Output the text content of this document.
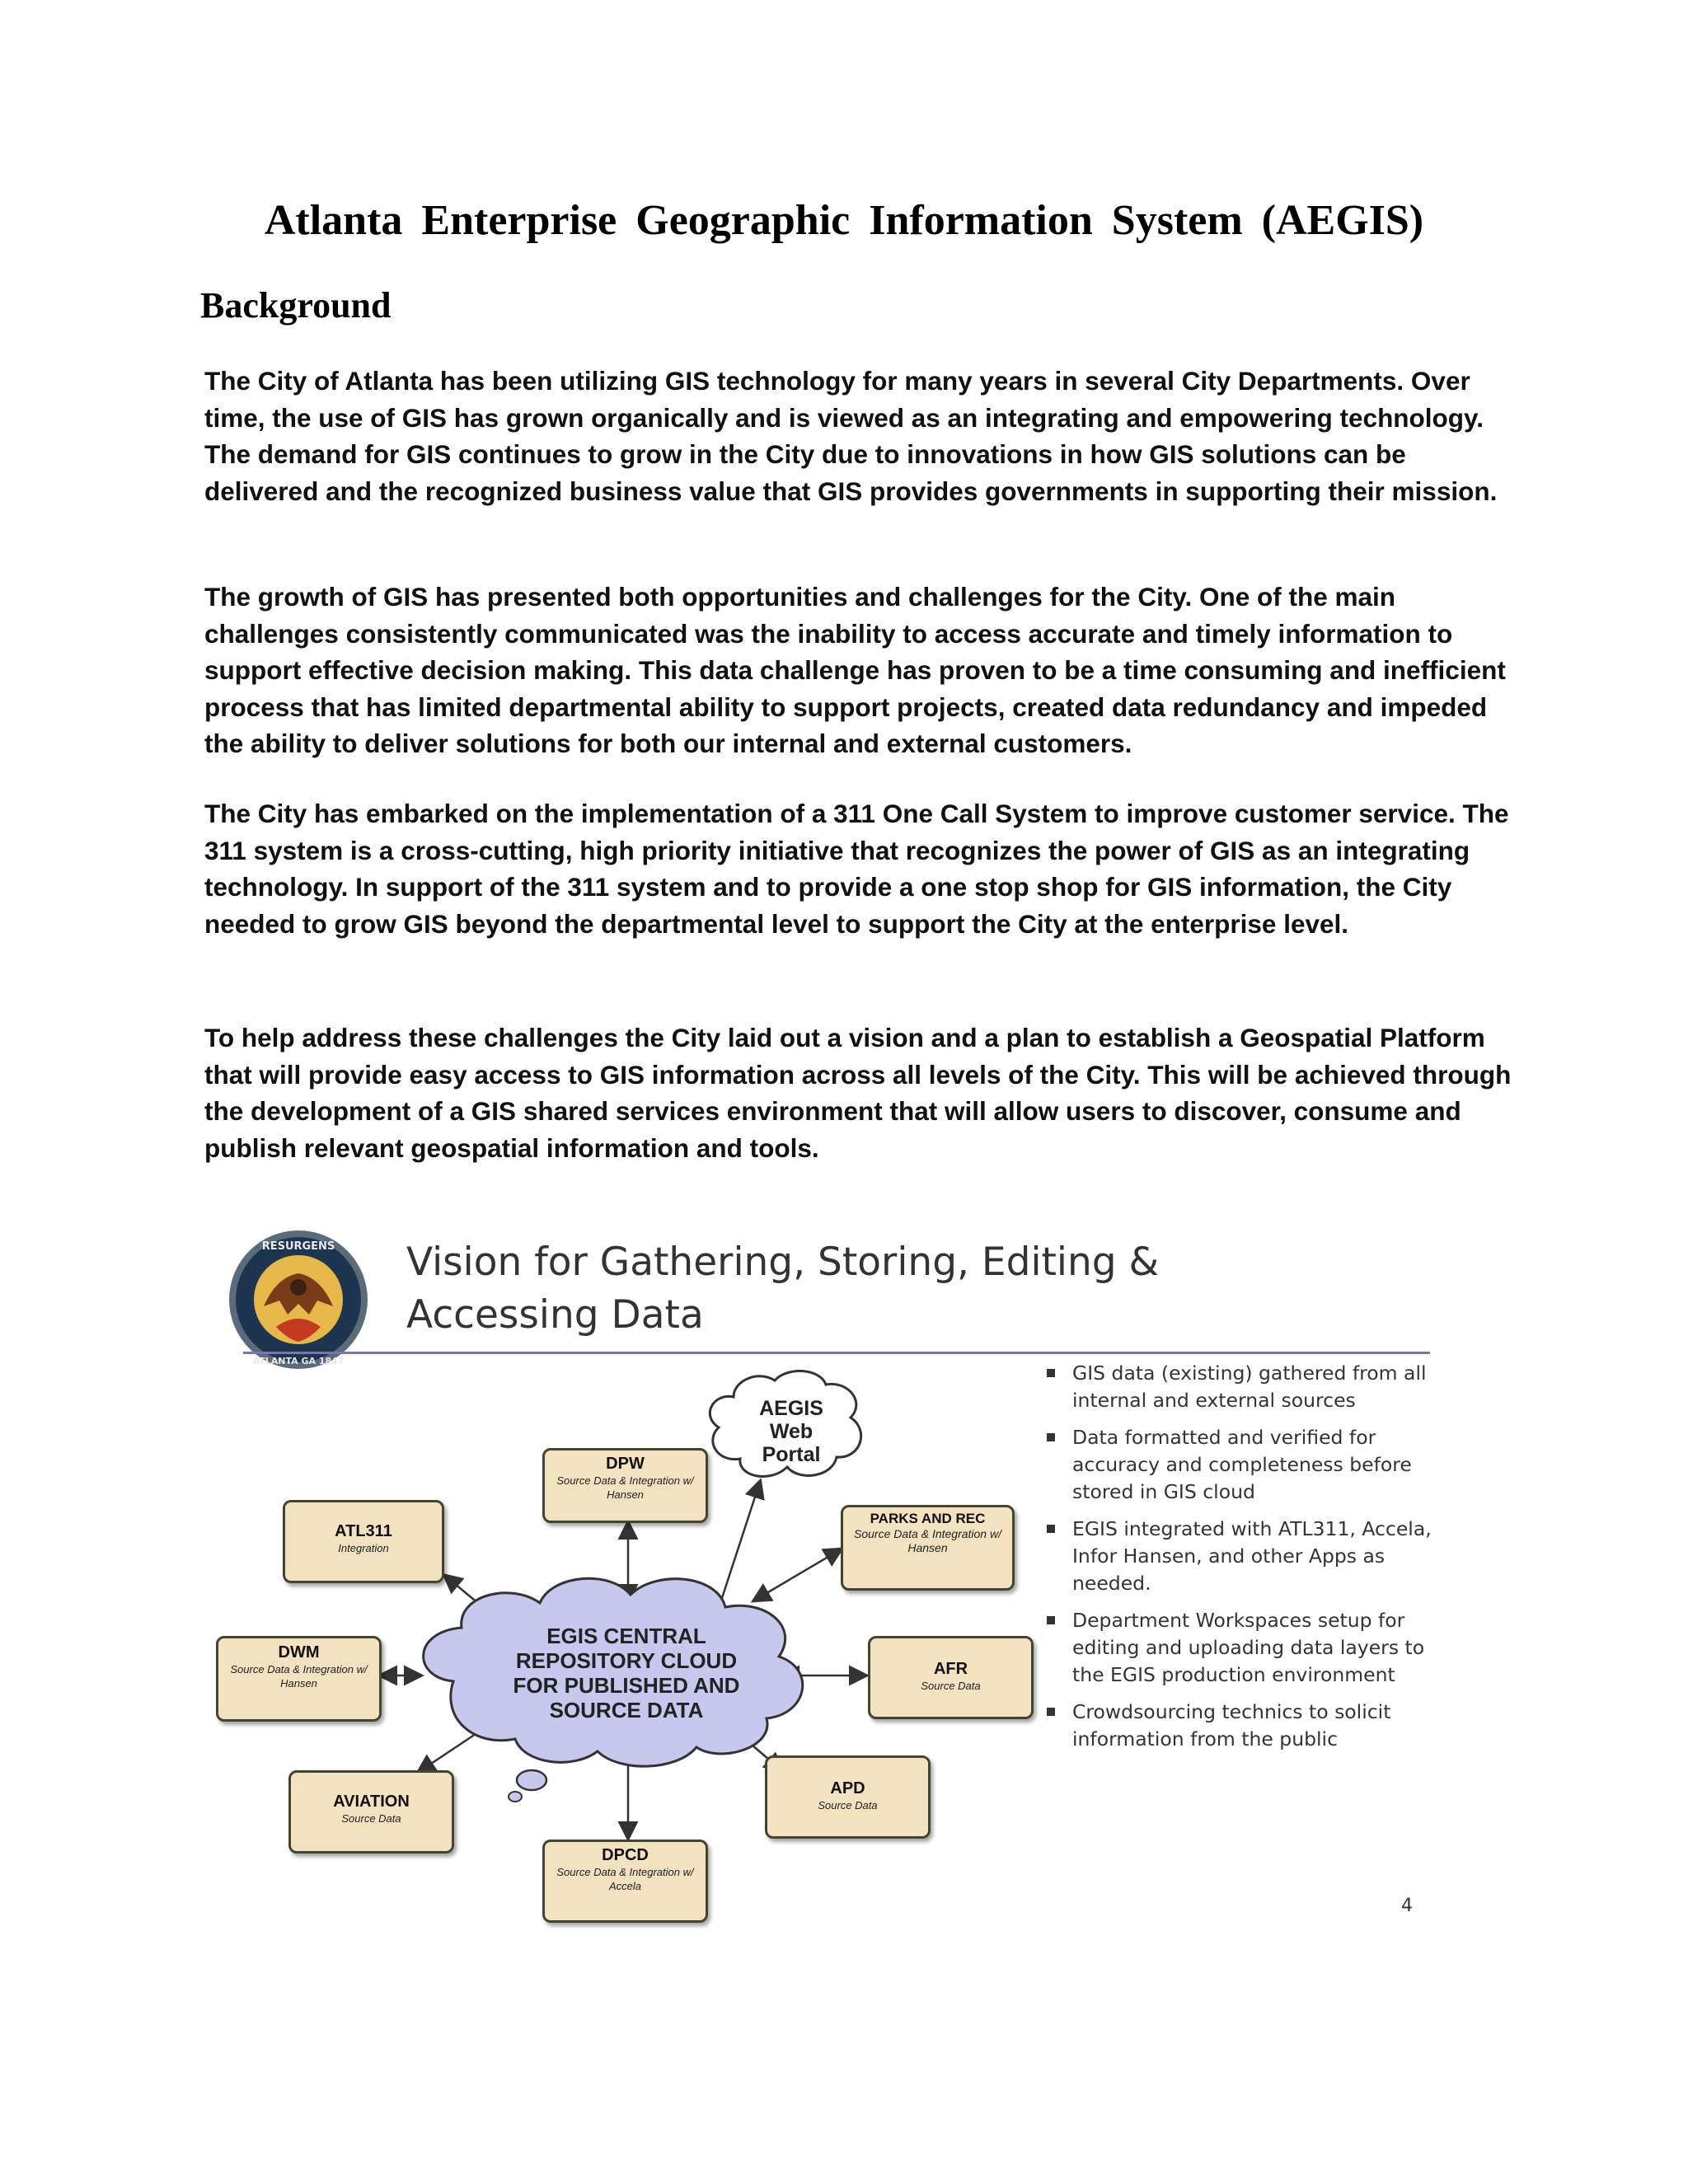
Atlanta Enterprise Geographic Information System (AEGIS)
Background

The City of Atlanta has been utilizing GIS technology for many years in several City Departments. Over time, the use of GIS has grown organically and is viewed as an integrating and empowering technology. The demand for GIS continues to grow in the City due to innovations in how GIS solutions can be delivered and the recognized business value that GIS provides governments in supporting their mission.

The growth of GIS has presented both opportunities and challenges for the City. One of the main challenges consistently communicated was the inability to access accurate and timely information to support effective decision making. This data challenge has proven to be a time consuming and inefficient process that has limited departmental ability to support projects, created data redundancy and impeded the ability to deliver solutions for both our internal and external customers.

The City has embarked on the implementation of a 311 One Call System to improve customer service. The 311 system is a cross-cutting, high priority initiative that recognizes the power of GIS as an integrating technology. In support of the 311 system and to provide a one stop shop for GIS information, the City needed to grow GIS beyond the departmental level to support the City at the enterprise level.

To help address these challenges the City laid out a vision and a plan to establish a Geospatial Platform that will provide easy access to GIS information across all levels of the City. This will be achieved through the development of a GIS shared services environment that will allow users to discover, consume and publish relevant geospatial information and tools.

RESURGENS
ATLANTA GA 1847

Vision for Gathering, Storing, Editing &
Accessing Data

EGIS CENTRAL
REPOSITORY CLOUD
FOR PUBLISHED AND
SOURCE DATA
AEGIS
Web
Portal
DPW
Source Data & Integration w/ Hansen
ATL311
Integration
PARKS AND REC
Source Data & Integration w/ Hansen
DWM
Source Data & Integration w/ Hansen
AFR
Source Data
AVIATION
Source Data
APD
Source Data
DPCD
Source Data & Integration w/ Accela
GIS data (existing) gathered from all internal and external sources
Data formatted and verified for accuracy and completeness before stored in GIS cloud
EGIS integrated with ATL311, Accela, Infor Hansen, and other Apps as needed.
Department Workspaces setup for editing and uploading data layers to the EGIS production environment
Crowdsourcing technics to solicit information from the public
4
